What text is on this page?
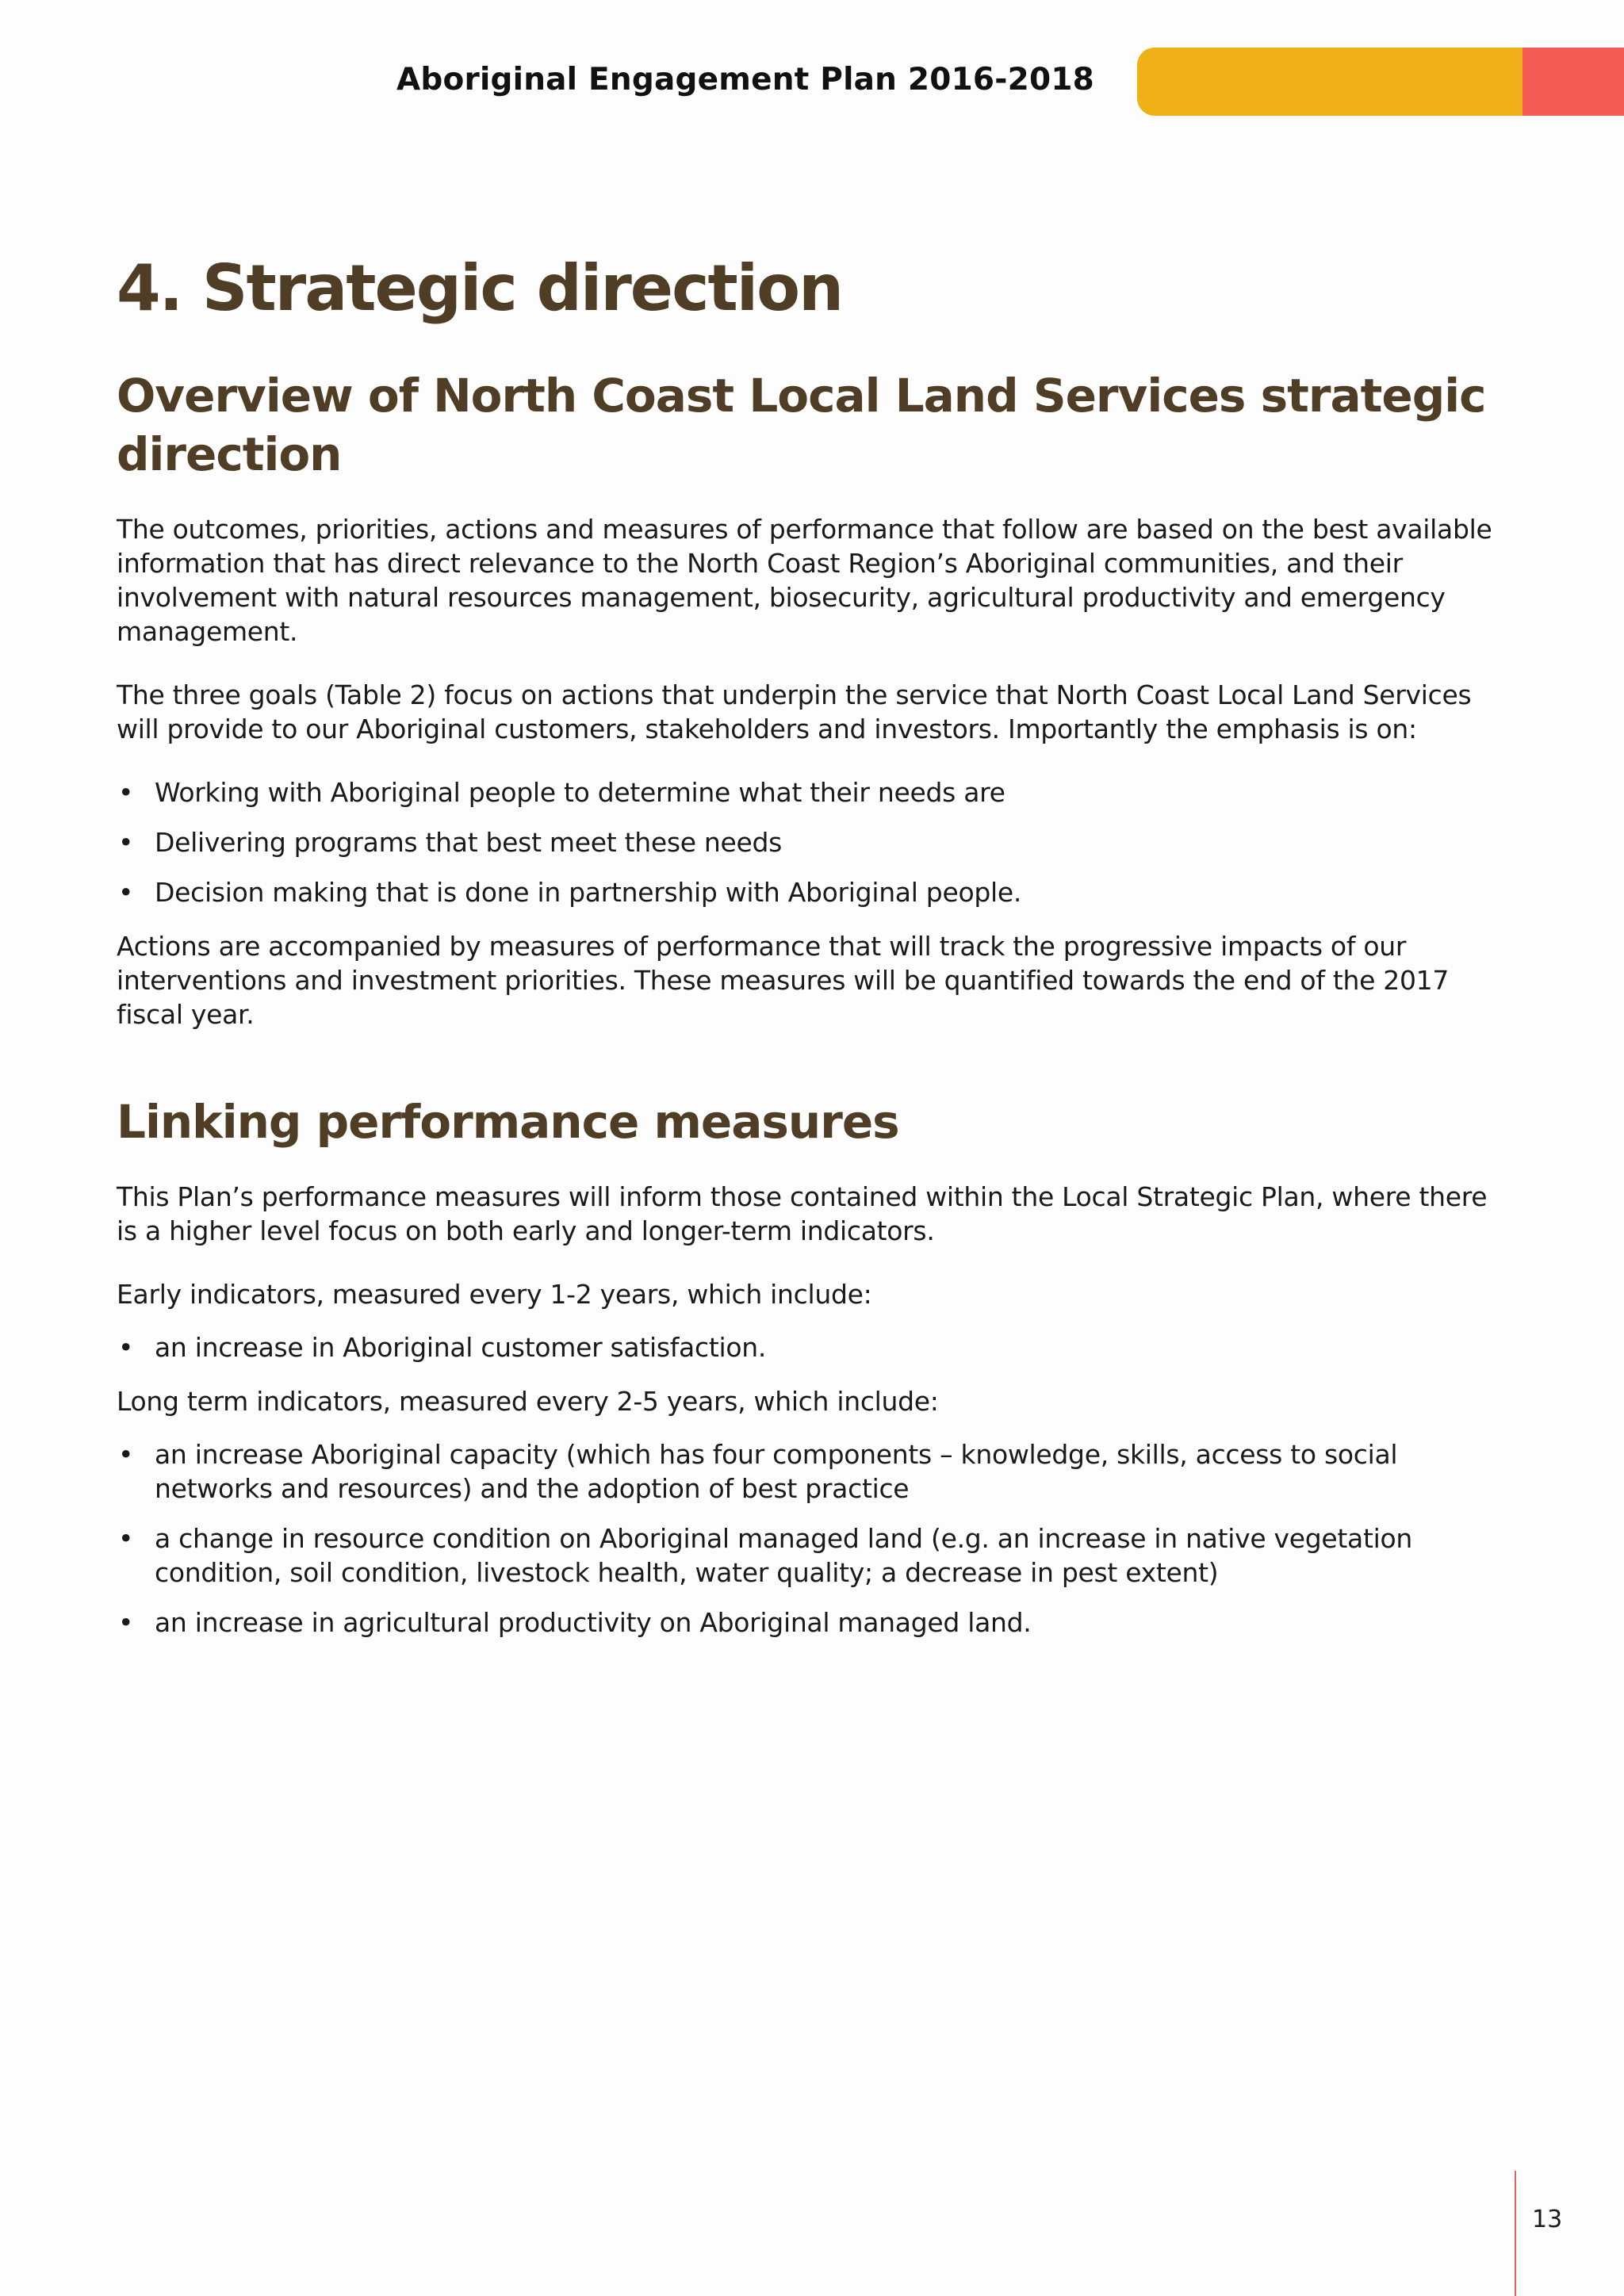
Aboriginal Engagement Plan 2016-2018
4. Strategic direction
Overview of North Coast Local Land Services strategic direction

The outcomes, priorities, actions and measures of performance that follow are based on the best available information that has direct relevance to the North Coast Region’s Aboriginal communities, and their involvement with natural resources management, biosecurity, agricultural productivity and emergency management.

The three goals (Table 2) focus on actions that underpin the service that North Coast Local Land Services will provide to our Aboriginal customers, stakeholders and investors. Importantly the emphasis is on:

• Working with Aboriginal people to determine what their needs are
• Delivering programs that best meet these needs
• Decision making that is done in partnership with Aboriginal people.

Actions are accompanied by measures of performance that will track the progressive impacts of our interventions and investment priorities. These measures will be quantified towards the end of the 2017 fiscal year.

Linking performance measures

This Plan’s performance measures will inform those contained within the Local Strategic Plan, where there is a higher level focus on both early and longer-term indicators.

Early indicators, measured every 1-2 years, which include:

• an increase in Aboriginal customer satisfaction.

Long term indicators, measured every 2-5 years, which include:

• an increase Aboriginal capacity (which has four components – knowledge, skills, access to social networks and resources) and the adoption of best practice
• a change in resource condition on Aboriginal managed land (e.g. an increase in native vegetation condition, soil condition, livestock health, water quality; a decrease in pest extent)
• an increase in agricultural productivity on Aboriginal managed land.

13
